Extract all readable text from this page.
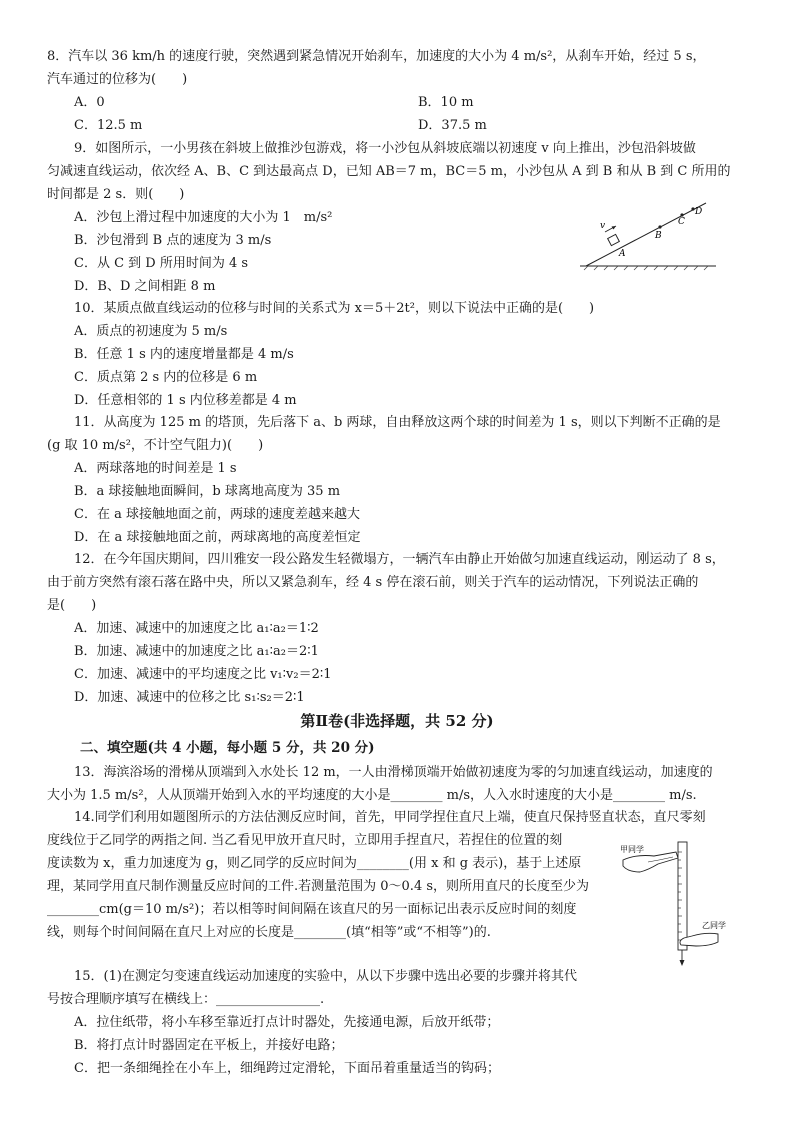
8．汽车以 36 km/h 的速度行驶，突然遇到紧急情况开始刹车，加速度的大小为 4 m/s²，从刹车开始，经过 5 s，
汽车通过的位移为(　　)
A．0	B．10 m
C．12.5 m	D．37.5 m
9．如图所示，一小男孩在斜坡上做推沙包游戏，将一小沙包从斜坡底端以初速度 v 向上推出，沙包沿斜坡做
匀减速直线运动，依次经 A、B、C 到达最高点 D，已知 AB＝7 m，BC＝5 m，小沙包从 A 到 B 和从 B 到 C 所用的
时间都是 2 s．则(　　)
A．沙包上滑过程中加速度的大小为 1　m/s²
B．沙包滑到 B 点的速度为 3 m/s
C．从 C 到 D 所用时间为 4 s
D．B、D 之间相距 8 m
v
A
B
C
D
10．某质点做直线运动的位移与时间的关系式为 x＝5＋2t²，则以下说法中正确的是(　　)
A．质点的初速度为 5 m/s
B．任意 1 s 内的速度增量都是 4 m/s
C．质点第 2 s 内的位移是 6 m
D．任意相邻的 1 s 内位移差都是 4 m
11．从高度为 125 m 的塔顶，先后落下 a、b 两球，自由释放这两个球的时间差为 1 s，则以下判断不正确的是
(g 取 10 m/s²，不计空气阻力)(　　)
A．两球落地的时间差是 1 s
B．a 球接触地面瞬间，b 球离地高度为 35 m
C．在 a 球接触地面之前，两球的速度差越来越大
D．在 a 球接触地面之前，两球离地的高度差恒定
12．在今年国庆期间，四川雅安一段公路发生轻微塌方，一辆汽车由静止开始做匀加速直线运动，刚运动了 8 s，
由于前方突然有滚石落在路中央，所以又紧急刹车，经 4 s 停在滚石前，则关于汽车的运动情况，下列说法正确的
是(　　)
A．加速、减速中的加速度之比 a₁∶a₂＝1∶2
B．加速、减速中的加速度之比 a₁∶a₂＝2∶1
C．加速、减速中的平均速度之比 v₁∶v₂＝2∶1
D．加速、减速中的位移之比 s₁∶s₂＝2∶1
第Ⅱ卷(非选择题，共 52 分)
二、填空题(共 4 小题，每小题 5 分，共 20 分)
13．海滨浴场的滑梯从顶端到入水处长 12 m，一人由滑梯顶端开始做初速度为零的匀加速直线运动，加速度的
大小为 1.5 m/s²，人从顶端开始到入水的平均速度的大小是________ m/s，人入水时速度的大小是________ m/s.
14.同学们利用如题图所示的方法估测反应时间，首先，甲同学捏住直尺上端，使直尺保持竖直状态，直尺零刻
度线位于乙同学的两指之间. 当乙看见甲放开直尺时，立即用手捏直尺，若捏住的位置的刻
度读数为 x，重力加速度为 g，则乙同学的反应时间为________(用 x 和 g 表示)，基于上述原
理，某同学用直尺制作测量反应时间的工件.若测量范围为 0～0.4 s，则所用直尺的长度至少为
________cm(g＝10 m/s²)；若以相等时间间隔在该直尺的另一面标记出表示反应时间的刻度
线，则每个时间间隔在直尺上对应的长度是________(填“相等”或“不相等”)的.
甲同学
乙同学
15．(1)在测定匀变速直线运动加速度的实验中，从以下步骤中选出必要的步骤并将其代
号按合理顺序填写在横线上：________________.
A．拉住纸带，将小车移至靠近打点计时器处，先接通电源，后放开纸带；
B．将打点计时器固定在平板上，并接好电路；
C．把一条细绳拴在小车上，细绳跨过定滑轮，下面吊着重量适当的钩码；
